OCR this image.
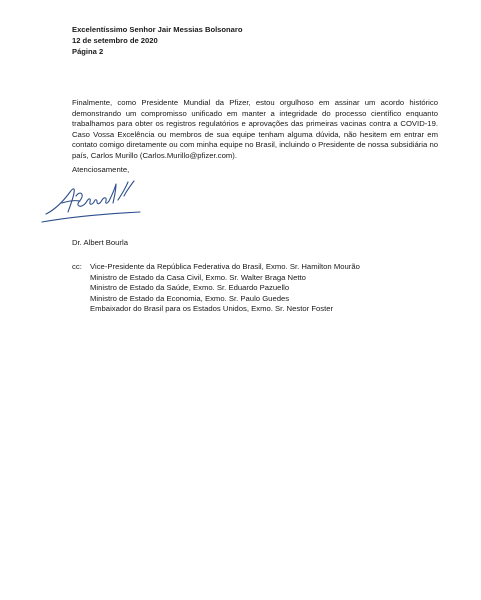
Excelentíssimo Senhor Jair Messias Bolsonaro
12 de setembro de 2020
Página 2
Finalmente, como Presidente Mundial da Pfizer, estou orgulhoso em assinar um acordo histórico demonstrando um compromisso unificado em manter a integridade do processo científico enquanto trabalhamos para obter os registros regulatórios e aprovações das primeiras vacinas contra a COVID-19. Caso Vossa Excelência ou membros de sua equipe tenham alguma dúvida, não hesitem em entrar em contato comigo diretamente ou com minha equipe no Brasil, incluindo o Presidente de nossa subsidiária no país, Carlos Murillo (Carlos.Murillo@pfizer.com).
Atenciosamente,
Dr. Albert Bourla
cc: Vice-Presidente da República Federativa do Brasil, Exmo. Sr. Hamilton Mourão
Ministro de Estado da Casa Civil, Exmo. Sr. Walter Braga Netto
Ministro de Estado da Saúde, Exmo. Sr. Eduardo Pazuello
Ministro de Estado da Economia, Exmo. Sr. Paulo Guedes
Embaixador do Brasil para os Estados Unidos, Exmo. Sr. Nestor Foster
